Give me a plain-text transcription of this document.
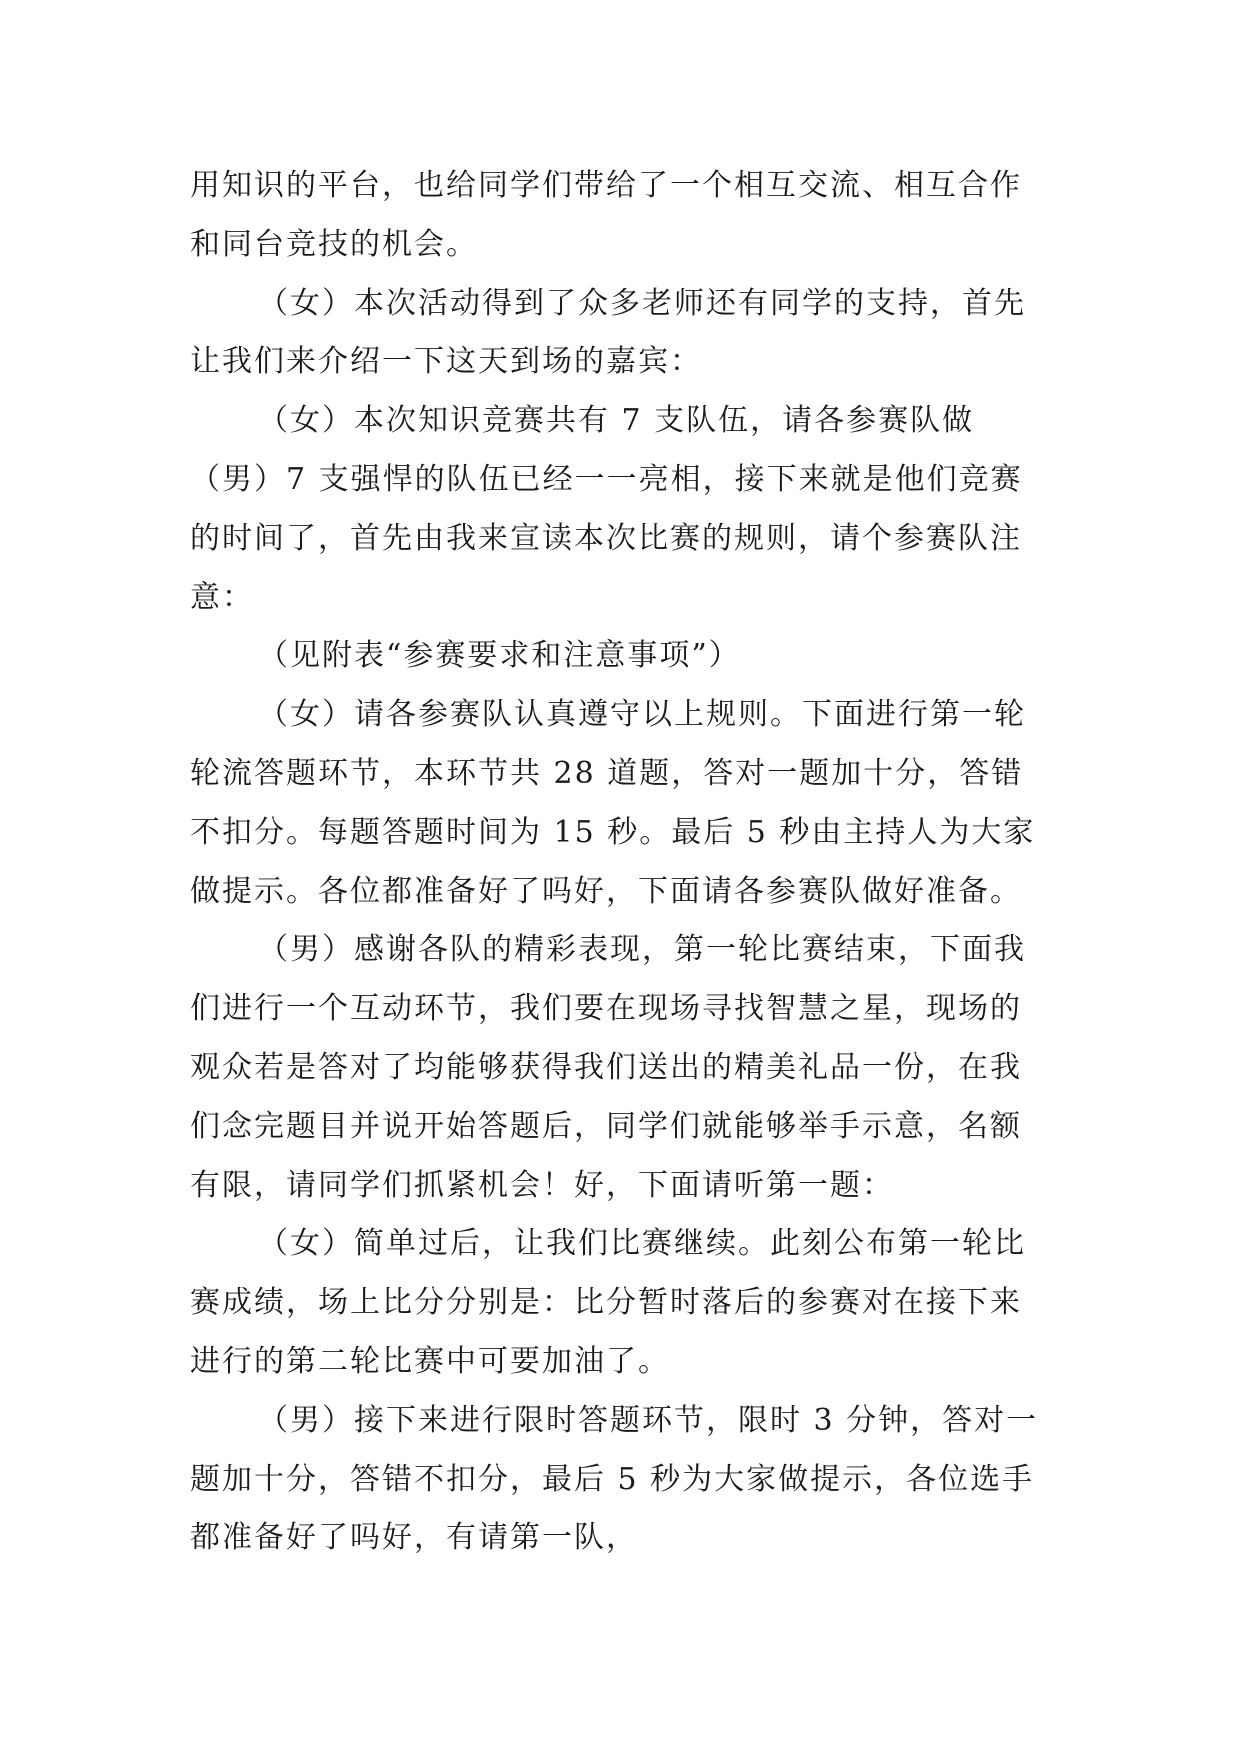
用知识的平台，也给同学们带给了一个相互交流、相互合作
和同台竞技的机会。
（女）本次活动得到了众多老师还有同学的支持，首先
让我们来介绍一下这天到场的嘉宾：
（女）本次知识竞赛共有 7 支队伍，请各参赛队做
（男）7 支强悍的队伍已经一一亮相，接下来就是他们竞赛
的时间了，首先由我来宣读本次比赛的规则，请个参赛队注
意：
（见附表“参赛要求和注意事项”）
（女）请各参赛队认真遵守以上规则。下面进行第一轮
轮流答题环节，本环节共 28 道题，答对一题加十分，答错
不扣分。每题答题时间为 15 秒。最后 5 秒由主持人为大家
做提示。各位都准备好了吗好，下面请各参赛队做好准备。
（男）感谢各队的精彩表现，第一轮比赛结束，下面我
们进行一个互动环节，我们要在现场寻找智慧之星，现场的
观众若是答对了均能够获得我们送出的精美礼品一份，在我
们念完题目并说开始答题后，同学们就能够举手示意，名额
有限，请同学们抓紧机会！好，下面请听第一题：
（女）简单过后，让我们比赛继续。此刻公布第一轮比
赛成绩，场上比分分别是：比分暂时落后的参赛对在接下来
进行的第二轮比赛中可要加油了。
（男）接下来进行限时答题环节，限时 3 分钟，答对一
题加十分，答错不扣分，最后 5 秒为大家做提示，各位选手
都准备好了吗好，有请第一队，
